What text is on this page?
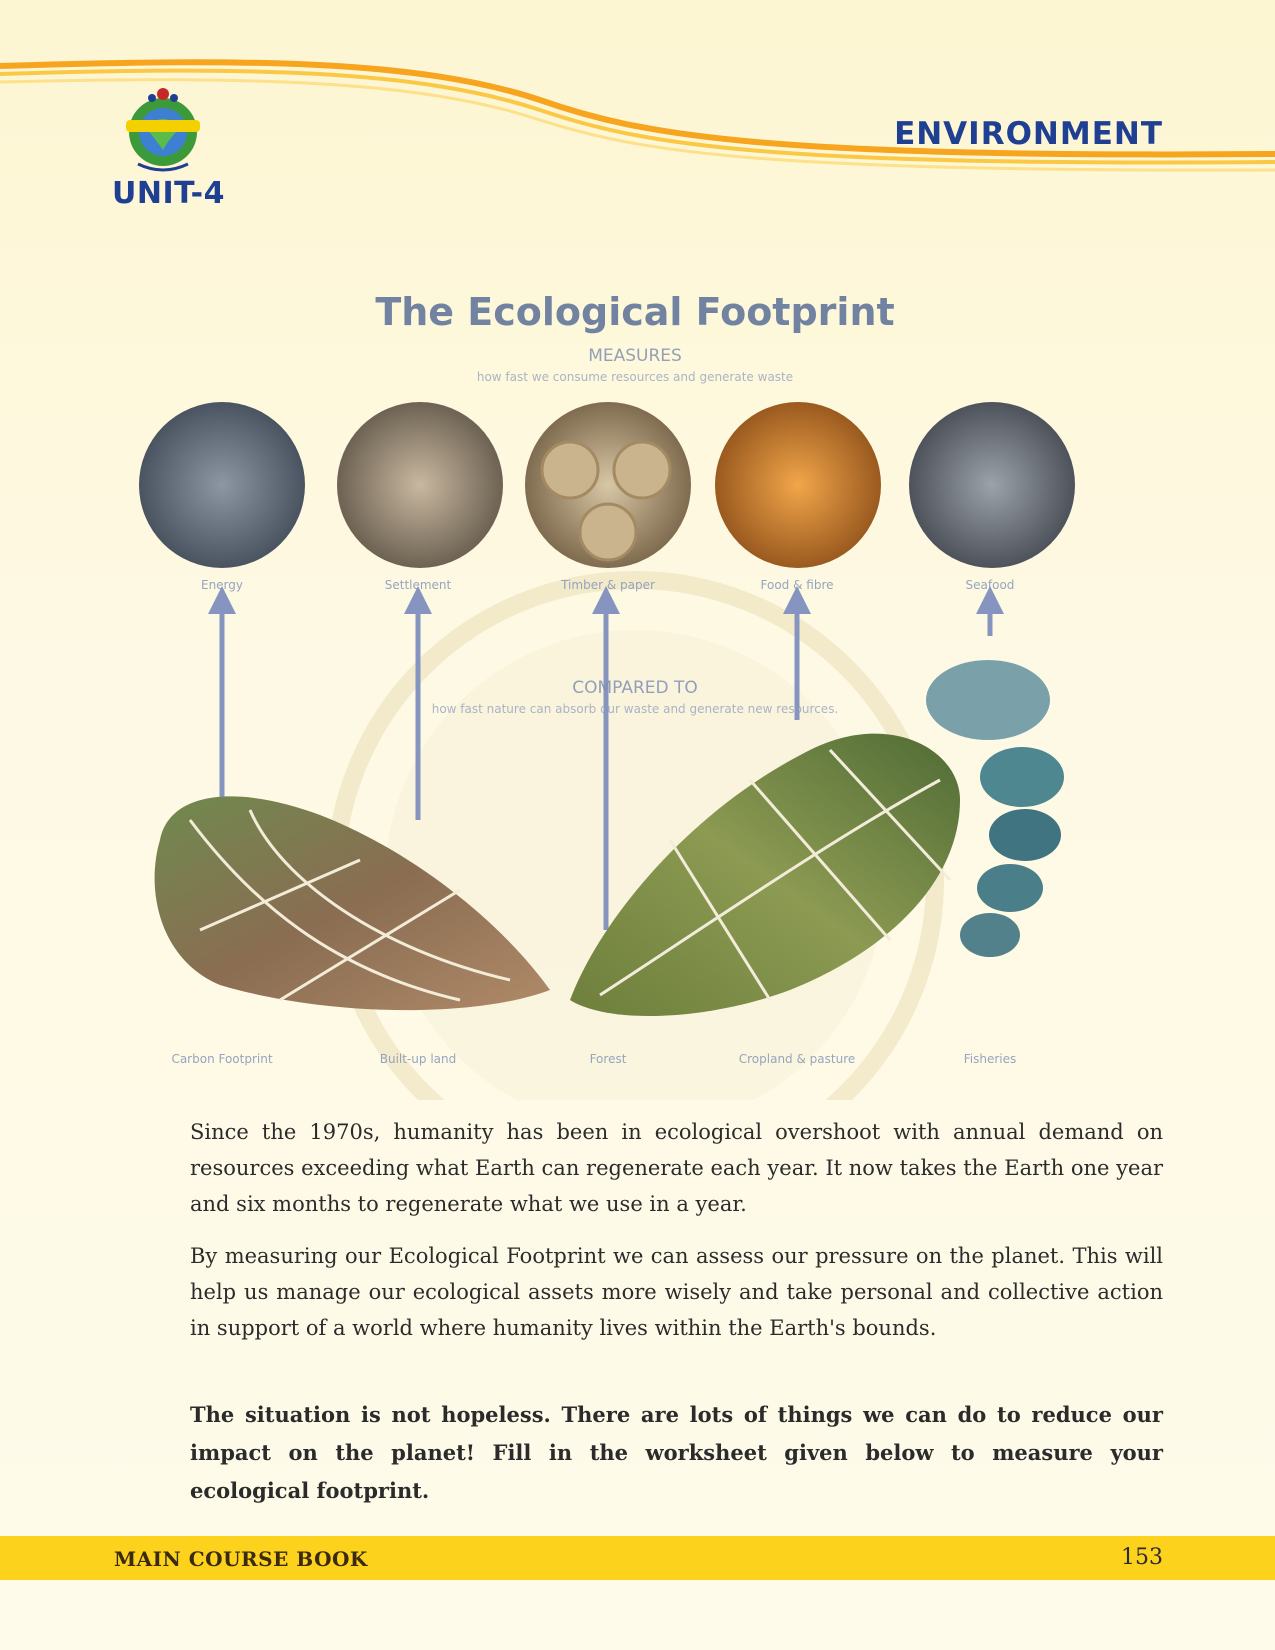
UNIT-4
ENVIRONMENT
The Ecological Footprint
MEASURES
how fast we consume resources and generate waste
COMPARED TO
how fast nature can absorb our waste and generate new resources.
Energy	Settlement	Timber & paper	Food & fibre	Seafood
Carbon Footprint	Built-up land	Forest	Cropland & pasture	Fisheries
Since the 1970s, humanity has been in ecological overshoot with annual demand on resources exceeding what Earth can regenerate each year. It now takes the Earth one year and six months to regenerate what we use in a year.
By measuring our Ecological Footprint we can assess our pressure on the planet. This will help us manage our ecological assets more wisely and take personal and collective action in support of a world where humanity lives within the Earth's bounds.
The situation is not hopeless. There are lots of things we can do to reduce our impact on the planet! Fill in the worksheet given below to measure your ecological footprint.
MAIN COURSE BOOK	153
